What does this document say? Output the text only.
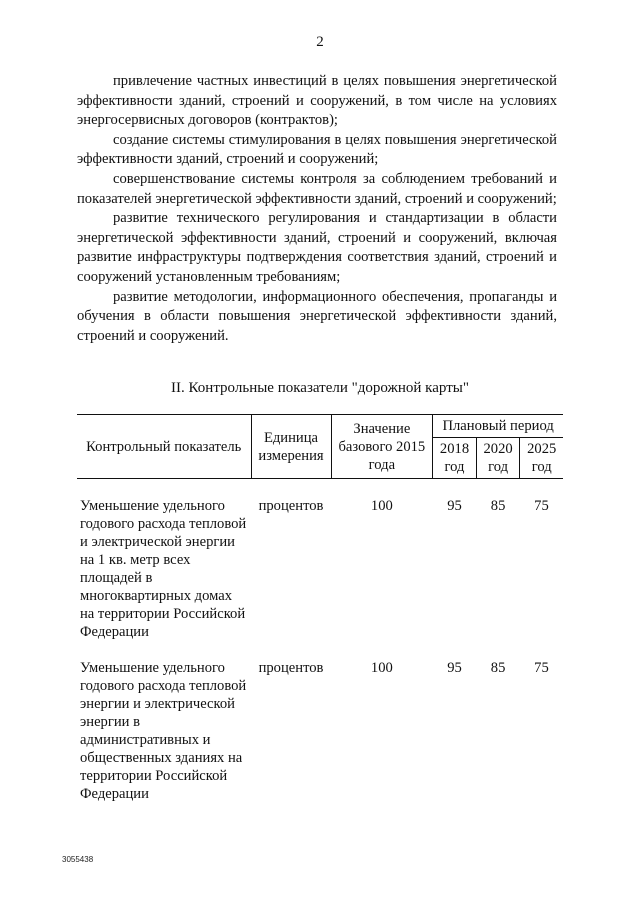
2

привлечение частных инвестиций в целях повышения энергетической эффективности зданий, строений и сооружений, в том числе на условиях энергосервисных договоров (контрактов);

создание системы стимулирования в целях повышения энергетической эффективности зданий, строений и сооружений;

совершенствование системы контроля за соблюдением требований и показателей энергетической эффективности зданий, строений и сооружений;

развитие технического регулирования и стандартизации в области энергетической эффективности зданий, строений и сооружений, включая развитие инфраструктуры подтверждения соответствия зданий, строений и сооружений установленным требованиям;

развитие методологии, информационного обеспечения, пропаганды и обучения в области повышения энергетической эффективности зданий, строений и сооружений.

II. Контрольные показатели "дорожной карты"
Контрольный показатель	Единица измерения	Значение базового 2015 года	Плановый период		
			2018 год	2020 год	2025 год

Уменьшение удельного годового расхода тепловой и электрической энергии на 1 кв. метр всех площадей в многоквартирных домах на территории Российской Федерации	процентов	100	95	85	75

Уменьшение удельного годового расхода тепловой энергии и электрической энергии в административных и общественных зданиях на территории Российской Федерации	процентов	100	95	85	75
3055438
